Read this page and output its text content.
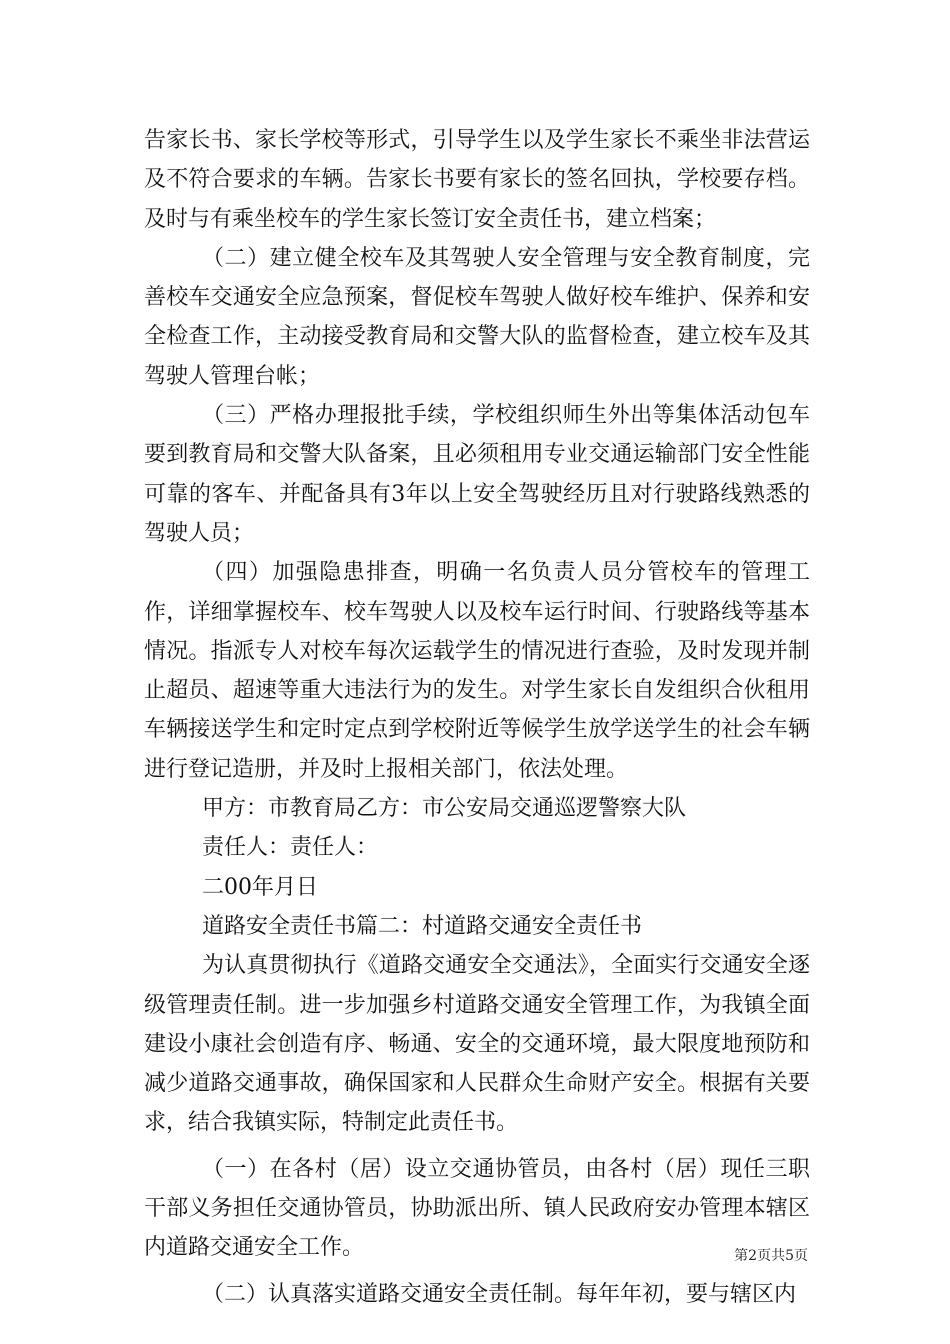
告家长书、家长学校等形式，引导学生以及学生家长不乘坐非法营运及不符合要求的车辆。告家长书要有家长的签名回执，学校要存档。及时与有乘坐校车的学生家长签订安全责任书，建立档案；

（二）建立健全校车及其驾驶人安全管理与安全教育制度，完善校车交通安全应急预案，督促校车驾驶人做好校车维护、保养和安全检查工作，主动接受教育局和交警大队的监督检查，建立校车及其驾驶人管理台帐；

（三）严格办理报批手续，学校组织师生外出等集体活动包车要到教育局和交警大队备案，且必须租用专业交通运输部门安全性能可靠的客车、并配备具有3年以上安全驾驶经历且对行驶路线熟悉的驾驶人员；

（四）加强隐患排查，明确一名负责人员分管校车的管理工作，详细掌握校车、校车驾驶人以及校车运行时间、行驶路线等基本情况。指派专人对校车每次运载学生的情况进行查验，及时发现并制止超员、超速等重大违法行为的发生。对学生家长自发组织合伙租用车辆接送学生和定时定点到学校附近等候学生放学送学生的社会车辆进行登记造册，并及时上报相关部门，依法处理。

甲方：市教育局乙方：市公安局交通巡逻警察大队

责任人：责任人：

二00年月日

道路安全责任书篇二：村道路交通安全责任书

为认真贯彻执行《道路交通安全交通法》，全面实行交通安全逐级管理责任制。进一步加强乡村道路交通安全管理工作，为我镇全面建设小康社会创造有序、畅通、安全的交通环境，最大限度地预防和减少道路交通事故，确保国家和人民群众生命财产安全。根据有关要求，结合我镇实际，特制定此责任书。

（一）在各村（居）设立交通协管员，由各村（居）现任三职干部义务担任交通协管员，协助派出所、镇人民政府安办管理本辖区内道路交通安全工作。

（二）认真落实道路交通安全责任制。每年年初，要与辖区内

第2页共5页
